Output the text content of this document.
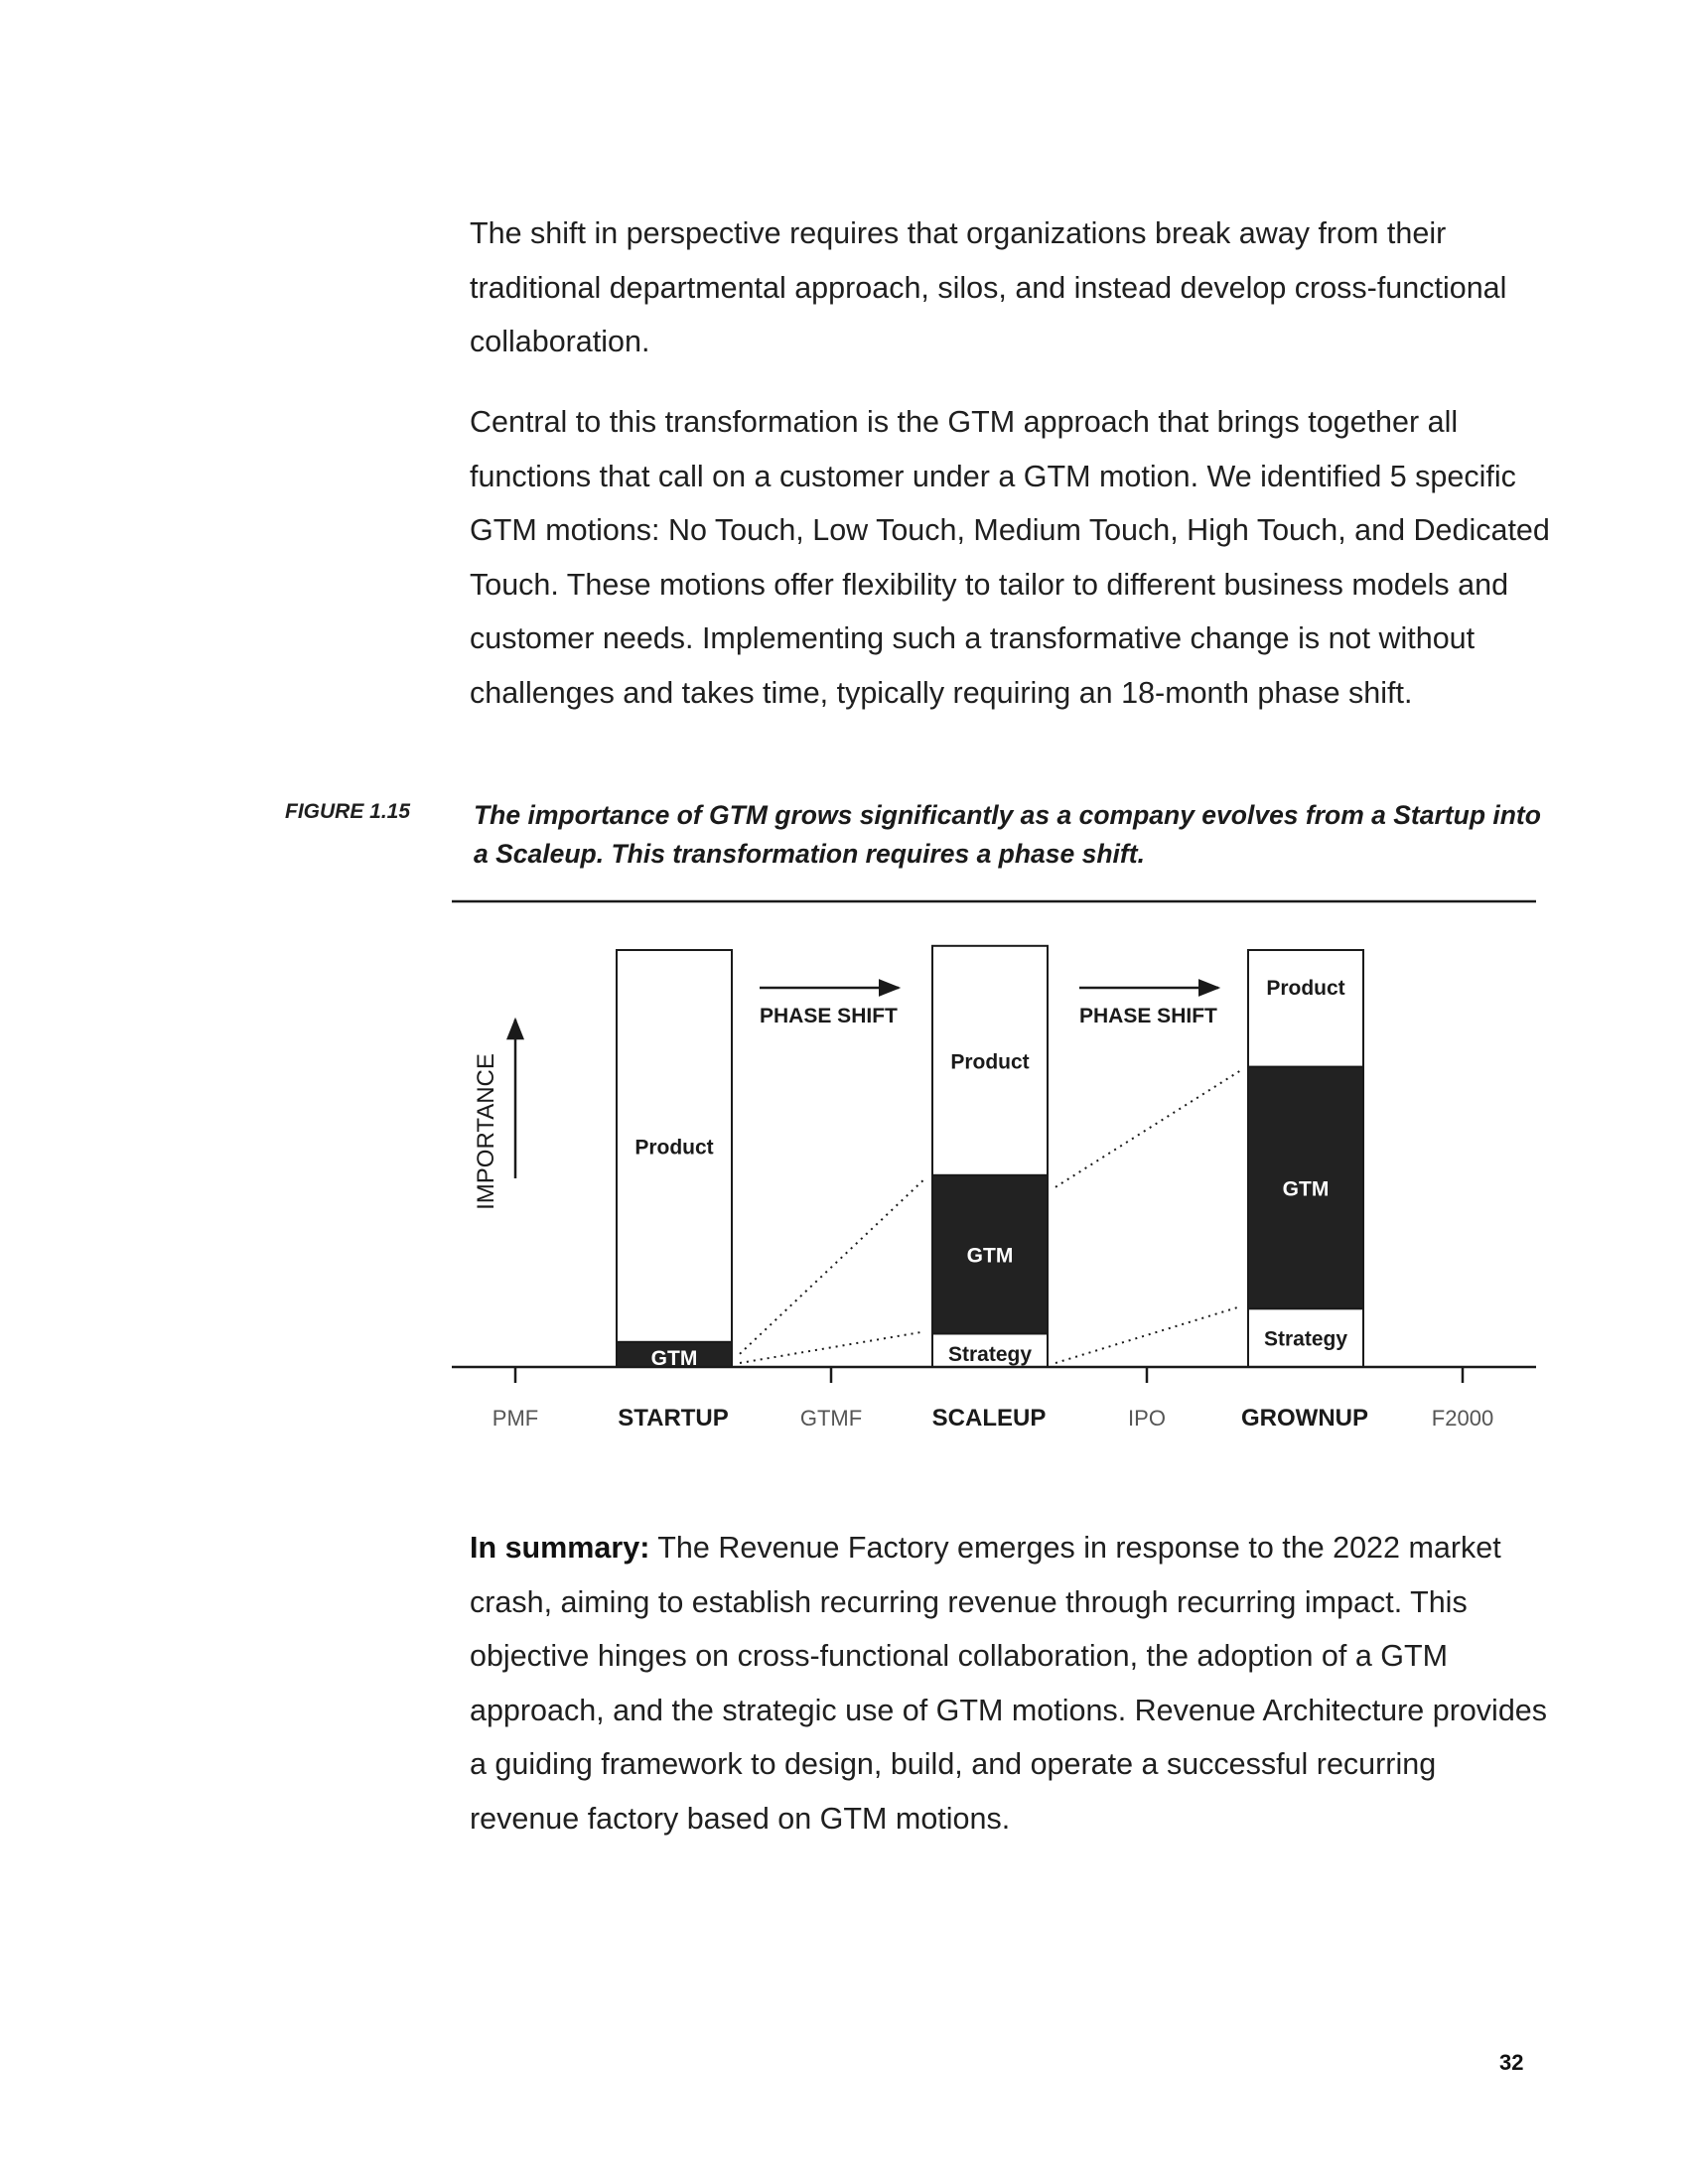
The shift in perspective requires that organizations break away from their traditional departmental approach, silos, and instead develop cross-functional collaboration.

Central to this transformation is the GTM approach that brings together all functions that call on a customer under a GTM motion. We identified 5 specific GTM motions: No Touch, Low Touch, Medium Touch, High Touch, and Dedicated Touch. These motions offer flexibility to tailor to different business models and customer needs. Implementing such a transformative change is not without challenges and takes time, typically requiring an 18-month phase shift.

FIGURE 1.15 The importance of GTM grows significantly as a company evolves from a Startup into a Scaleup. This transformation requires a phase shift.

IMPORTANCE
GTM
Product
Strategy
GTM
Product
Strategy
GTM
Product
PHASE SHIFT	PHASE SHIFT
PMF	STARTUP	GTMF	SCALEUP	IPO	GROWNUP	F2000

In summary: The Revenue Factory emerges in response to the 2022 market crash, aiming to establish recurring revenue through recurring impact. This objective hinges on cross-functional collaboration, the adoption of a GTM approach, and the strategic use of GTM motions. Revenue Architecture provides a guiding framework to design, build, and operate a successful recurring revenue factory based on GTM motions.

32
